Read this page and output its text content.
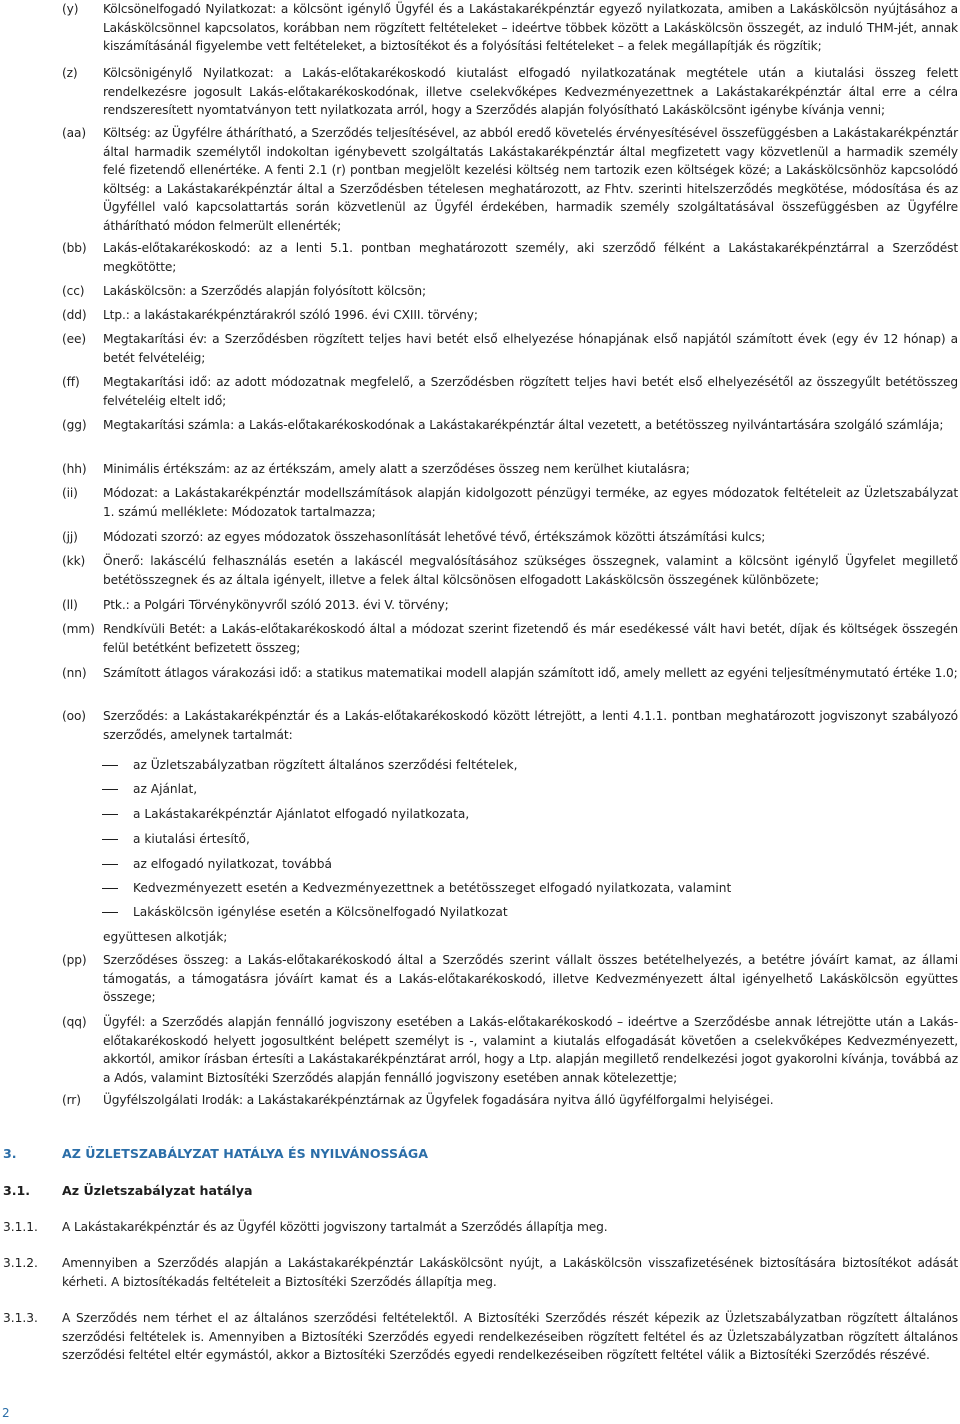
(y)	Kölcsönelfogadó Nyilatkozat: a kölcsönt igénylő Ügyfél és a Lakástakarékpénztár egyező nyilatkozata, amiben a Lakáskölcsön nyújtásához a Lakáskölcsönnel kapcsolatos, korábban nem rögzített feltételeket – ideértve többek között a Lakáskölcsön összegét, az induló THM-jét, annak kiszámításánál figyelembe vett feltételeket, a biztosítékot és a folyósítási feltételeket – a felek megállapítják és rögzítik;
(z)	Kölcsönigénylő Nyilatkozat: a Lakás-előtakarékoskodó kiutalást elfogadó nyilatkozatának megtétele után a kiutalási összeg felett rendelkezésre jogosult Lakás-előtakarékoskodónak, illetve cselekvőképes Kedvezményezettnek a Lakástakarékpénztár által erre a célra rendszeresített nyomtatványon tett nyilatkozata arról, hogy a Szerződés alapján folyósítható Lakáskölcsönt igénybe kívánja venni;
(aa)	Költség: az Ügyfélre áthárítható, a Szerződés teljesítésével, az abból eredő követelés érvényesítésével összefüggésben a Lakástakarékpénztár által harmadik személytől indokoltan igénybevett szolgáltatás Lakástakarékpénztár által megfizetett vagy közvetlenül a harmadik személy felé fizetendő ellenértéke. A fenti 2.1 (r) pontban megjelölt kezelési költség nem tartozik ezen költségek közé; a Lakáskölcsönhöz kapcsolódó költség: a Lakástakarékpénztár által a Szerződésben tételesen meghatározott, az Fhtv. szerinti hitelszerződés megkötése, módosítása és az Ügyféllel való kapcsolattartás során közvetlenül az Ügyfél érdekében, harmadik személy szolgáltatásával összefüggésben az Ügyfélre áthárítható módon felmerült ellenérték;
(bb)	Lakás-előtakarékoskodó: az a lenti 5.1. pontban meghatározott személy, aki szerződő félként a Lakástakarékpénztárral a Szerződést megkötötte;
(cc)	Lakáskölcsön: a Szerződés alapján folyósított kölcsön;
(dd)	Ltp.: a lakástakarékpénztárakról szóló 1996. évi CXIII. törvény;
(ee)	Megtakarítási év: a Szerződésben rögzített teljes havi betét első elhelyezése hónapjának első napjától számított évek (egy év 12 hónap) a betét felvételéig;
(ff)	Megtakarítási idő: az adott módozatnak megfelelő, a Szerződésben rögzített teljes havi betét első elhelyezésétől az összegyűlt betétösszeg felvételéig eltelt idő;
(gg)	Megtakarítási számla: a Lakás-előtakarékoskodónak a Lakástakarékpénztár által vezetett, a betétösszeg nyilvántartására szolgáló számlája;
(hh)	Minimális értékszám: az az értékszám, amely alatt a szerződéses összeg nem kerülhet kiutalásra;
(ii)	Módozat: a Lakástakarékpénztár modellszámítások alapján kidolgozott pénzügyi terméke, az egyes módozatok feltételeit az Üzletszabályzat 1. számú melléklete: Módozatok tartalmazza;
(jj)	Módozati szorzó: az egyes módozatok összehasonlítását lehetővé tévő, értékszámok közötti átszámítási kulcs;
(kk)	Önerő: lakáscélú felhasználás esetén a lakáscél megvalósításához szükséges összegnek, valamint a kölcsönt igénylő Ügyfelet megillető betétösszegnek és az általa igényelt, illetve a felek által kölcsönösen elfogadott Lakáskölcsön összegének különbözete;
(ll)	Ptk.: a Polgári Törvénykönyvről szóló 2013. évi V. törvény;
(mm) Rendkívüli Betét: a Lakás-előtakarékoskodó által a módozat szerint fizetendő és már esedékessé vált havi betét, díjak és költségek összegén felül betétként befizetett összeg;
(nn)	Számított átlagos várakozási idő: a statikus matematikai modell alapján számított idő, amely mellett az egyéni teljesítménymutató értéke 1.0;
(oo)	Szerződés: a Lakástakarékpénztár és a Lakás-előtakarékoskodó között létrejött, a lenti 4.1.1. pontban meghatározott jogviszonyt szabályozó szerződés, amelynek tartalmát:
az Üzletszabályzatban rögzített általános szerződési feltételek,
az Ajánlat,
a Lakástakarékpénztár Ajánlatot elfogadó nyilatkozata,
a kiutalási értesítő,
az elfogadó nyilatkozat, továbbá
Kedvezményezett esetén a Kedvezményezettnek a betétösszeget elfogadó nyilatkozata, valamint
Lakáskölcsön igénylése esetén a Kölcsönelfogadó Nyilatkozat
együttesen alkotják;
(pp)	Szerződéses összeg: a Lakás-előtakarékoskodó által a Szerződés szerint vállalt összes betételhelyezés, a betétre jóváírt kamat, az állami támogatás, a támogatásra jóváírt kamat és a Lakás-előtakarékoskodó, illetve Kedvezményezett által igényelhető Lakáskölcsön együttes összege;
(qq)	Ügyfél: a Szerződés alapján fennálló jogviszony esetében a Lakás-előtakarékoskodó – ideértve a Szerződésbe annak létrejötte után a Lakás-előtakarékoskodó helyett jogosultként belépett személyt is -, valamint a kiutalás elfogadását követően a cselekvőképes Kedvezményezett, akkortól, amikor írásban értesíti a Lakástakarékpénztárat arról, hogy a Ltp. alapján megillető rendelkezési jogot gyakorolni kívánja, továbbá az a Adós, valamint Biztosítéki Szerződés alapján fennálló jogviszony esetében annak kötelezettje;
(rr)	Ügyfélszolgálati Irodák: a Lakástakarékpénztárnak az Ügyfelek fogadására nyitva álló ügyfélforgalmi helyiségei.
3.	AZ ÜZLETSZABÁLYZAT HATÁLYA ÉS NYILVÁNOSSÁGA
3.1.	Az Üzletszabályzat hatálya
3.1.1. A Lakástakarékpénztár és az Ügyfél közötti jogviszony tartalmát a Szerződés állapítja meg.
3.1.2. Amennyiben a Szerződés alapján a Lakástakarékpénztár Lakáskölcsönt nyújt, a Lakáskölcsön visszafizetésének biztosítására biztosítékot adását kérheti. A biztosítékadás feltételeit a Biztosítéki Szerződés állapítja meg.
3.1.3. A Szerződés nem térhet el az általános szerződési feltételektől. A Biztosítéki Szerződés részét képezik az Üzletszabályzatban rögzített általános szerződési feltételek is. Amennyiben a Biztosítéki Szerződés egyedi rendelkezéseiben rögzített feltétel és az Üzletszabályzatban rögzített általános szerződési feltétel eltér egymástól, akkor a Biztosítéki Szerződés egyedi rendelkezéseiben rögzített feltétel válik a Biztosítéki Szerződés részévé.
2
